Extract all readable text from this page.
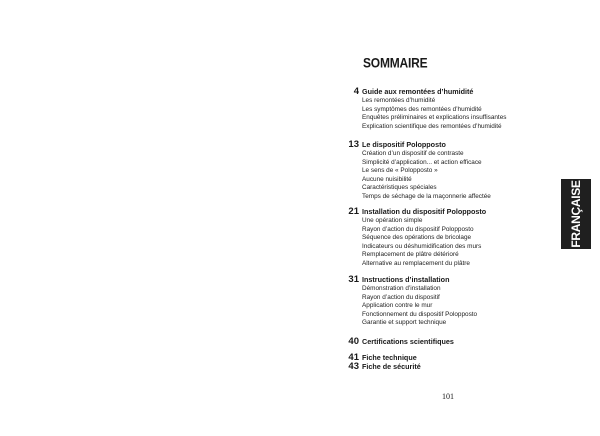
SOMMAIRE
4 Guide aux remontées d’humidité
Les remontées d’humidité
Les symptômes des remontées d’humidité
Enquêtes préliminaires et explications insuffisantes
Explication scientifique des remontées d’humidité
13 Le dispositif Polopposto
Création d’un dispositif de contraste
Simplicité d’application... et action efficace
Le sens de « Polopposto »
Aucune nuisibilité
Caractéristiques spéciales
Temps de séchage de la maçonnerie affectée
21 Installation du dispositif Polopposto
Une opération simple
Rayon d’action du dispositif Polopposto
Séquence des opérations de bricolage
Indicateurs ou déshumidification des murs
Remplacement de plâtre détérioré
Alternative au remplacement du plâtre
31 Instructions d’installation
Démonstration d’installation
Rayon d’action du dispositif
Application contre le mur
Fonctionnement du dispositif Polopposto
Garantie et support technique
40 Certifications scientifiques
41 Fiche technique
43 Fiche de sécurité
FRANÇAISE
101
